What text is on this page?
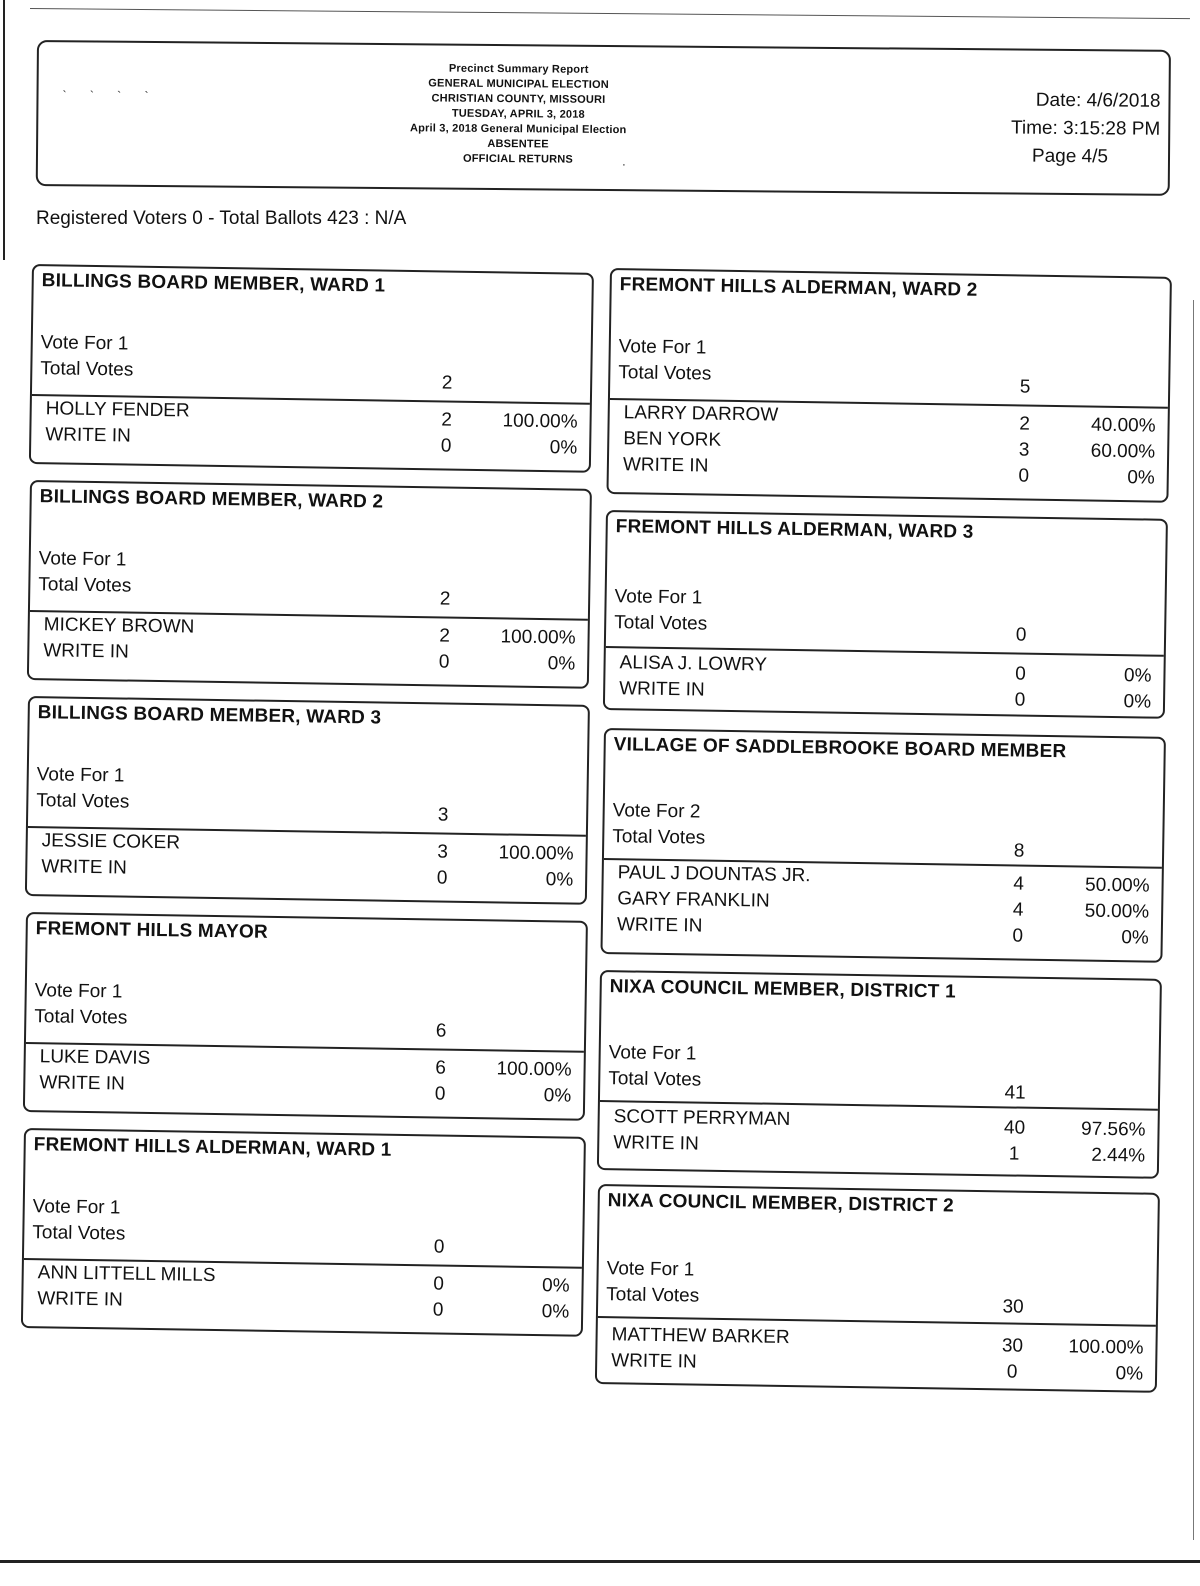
` ` ` `
Precinct Summary Report
GENERAL MUNICIPAL ELECTION
CHRISTIAN COUNTY, MISSOURI
TUESDAY, APRIL 3, 2018
April 3, 2018 General Municipal Election
ABSENTEE
OFFICIAL RETURNS	·
Date: 4/6/2018
Time: 3:15:28 PM
Page 4/5
Registered Voters 0 - Total Ballots 423 : N/A
BILLINGS BOARD MEMBER, WARD 1
Vote For 1
Total Votes
2
HOLLY FENDER	2	100.00%
WRITE IN	0	0%
BILLINGS BOARD MEMBER, WARD 2
Vote For 1
Total Votes
2
MICKEY BROWN	2	100.00%
WRITE IN	0	0%
BILLINGS BOARD MEMBER, WARD 3
Vote For 1
Total Votes
3
JESSIE COKER	3	100.00%
WRITE IN	0	0%
FREMONT HILLS MAYOR
Vote For 1
Total Votes
6
LUKE DAVIS	6	100.00%
WRITE IN	0	0%
FREMONT HILLS ALDERMAN, WARD 1
Vote For 1
Total Votes
0
ANN LITTELL MILLS	0	0%
WRITE IN	0	0%
FREMONT HILLS ALDERMAN, WARD 2
Vote For 1
Total Votes
5
LARRY DARROW	2	40.00%
BEN YORK	3	60.00%
WRITE IN	0	0%
FREMONT HILLS ALDERMAN, WARD 3
Vote For 1
Total Votes
0
ALISA J. LOWRY	0	0%
WRITE IN	0	0%
VILLAGE OF SADDLEBROOKE BOARD MEMBER
Vote For 2
Total Votes
8
PAUL J DOUNTAS JR.	4	50.00%
GARY FRANKLIN	4	50.00%
WRITE IN	0	0%
NIXA COUNCIL MEMBER, DISTRICT 1
Vote For 1
Total Votes
41
SCOTT PERRYMAN	40	97.56%
WRITE IN	1	2.44%
NIXA COUNCIL MEMBER, DISTRICT 2
Vote For 1
Total Votes
30
MATTHEW BARKER	30 100.00%
WRITE IN	0	0%
